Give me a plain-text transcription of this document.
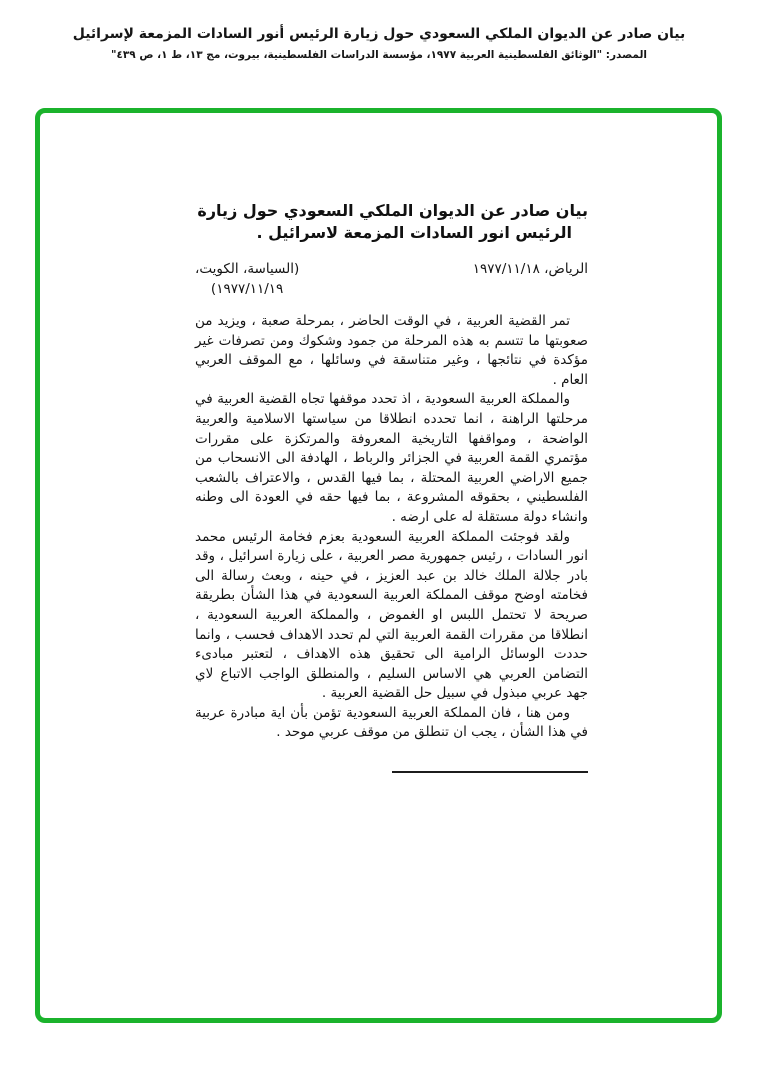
بيان صادر عن الديوان الملكي السعودي حول زيارة الرئيس أنور السادات المزمعة لإسرائيل
المصدر: "الوثائق الفلسطينية العربية ١٩٧٧، مؤسسة الدراسات الفلسطينية، بيروت، مج ١٣، ط ١، ص ٤٣٩"
بيان صادر عن الديوان الملكي السعودي حول زيارة
الرئيس انور السادات المزمعة لاسرائيل .
الرياض، ١٩٧٧/١١/١٨
(السياسة، الكويت،
١٩٧٧/١١/١٩)

تمر القضية العربية ، في الوقت الحاضر ، بمرحلة صعبة ، ويزيد من صعوبتها ما تتسم به هذه المرحلة من جمود وشكوك ومن تصرفات غير مؤكدة في نتائجها ، وغير متناسقة في وسائلها ، مع الموقف العربي العام .

والمملكة العربية السعودية ، اذ تحدد موقفها تجاه القضية العربية في مرحلتها الراهنة ، انما تحدده انطلاقا من سياستها الاسلامية والعربية الواضحة ، ومواقفها التاريخية المعروفة والمرتكزة على مقررات مؤتمري القمة العربية في الجزائر والرباط ، الهادفة الى الانسحاب من جميع الاراضي العربية المحتلة ، بما فيها القدس ، والاعتراف بالشعب الفلسطيني ، بحقوقه المشروعة ، بما فيها حقه في العودة الى وطنه وانشاء دولة مستقلة له على ارضه .

ولقد فوجئت المملكة العربية السعودية بعزم فخامة الرئيس محمد انور السادات ، رئيس جمهورية مصر العربية ، على زيارة اسرائيل ، وقد بادر جلالة الملك خالد بن عبد العزيز ، في حينه ، وبعث رسالة الى فخامته اوضح موقف المملكة العربية السعودية في هذا الشأن بطريقة صريحة لا تحتمل اللبس او الغموض ، والمملكة العربية السعودية ، انطلاقا من مقررات القمة العربية التي لم تحدد الاهداف فحسب ، وانما حددت الوسائل الرامية الى تحقيق هذه الاهداف ، لتعتبر مبادىء التضامن العربي هي الاساس السليم ، والمنطلق الواجب الاتباع لاي جهد عربي مبذول في سبيل حل القضية العربية .

ومن هنا ، فان المملكة العربية السعودية تؤمن بأن اية مبادرة عربية في هذا الشأن ، يجب ان تنطلق من موقف عربي موحد .
